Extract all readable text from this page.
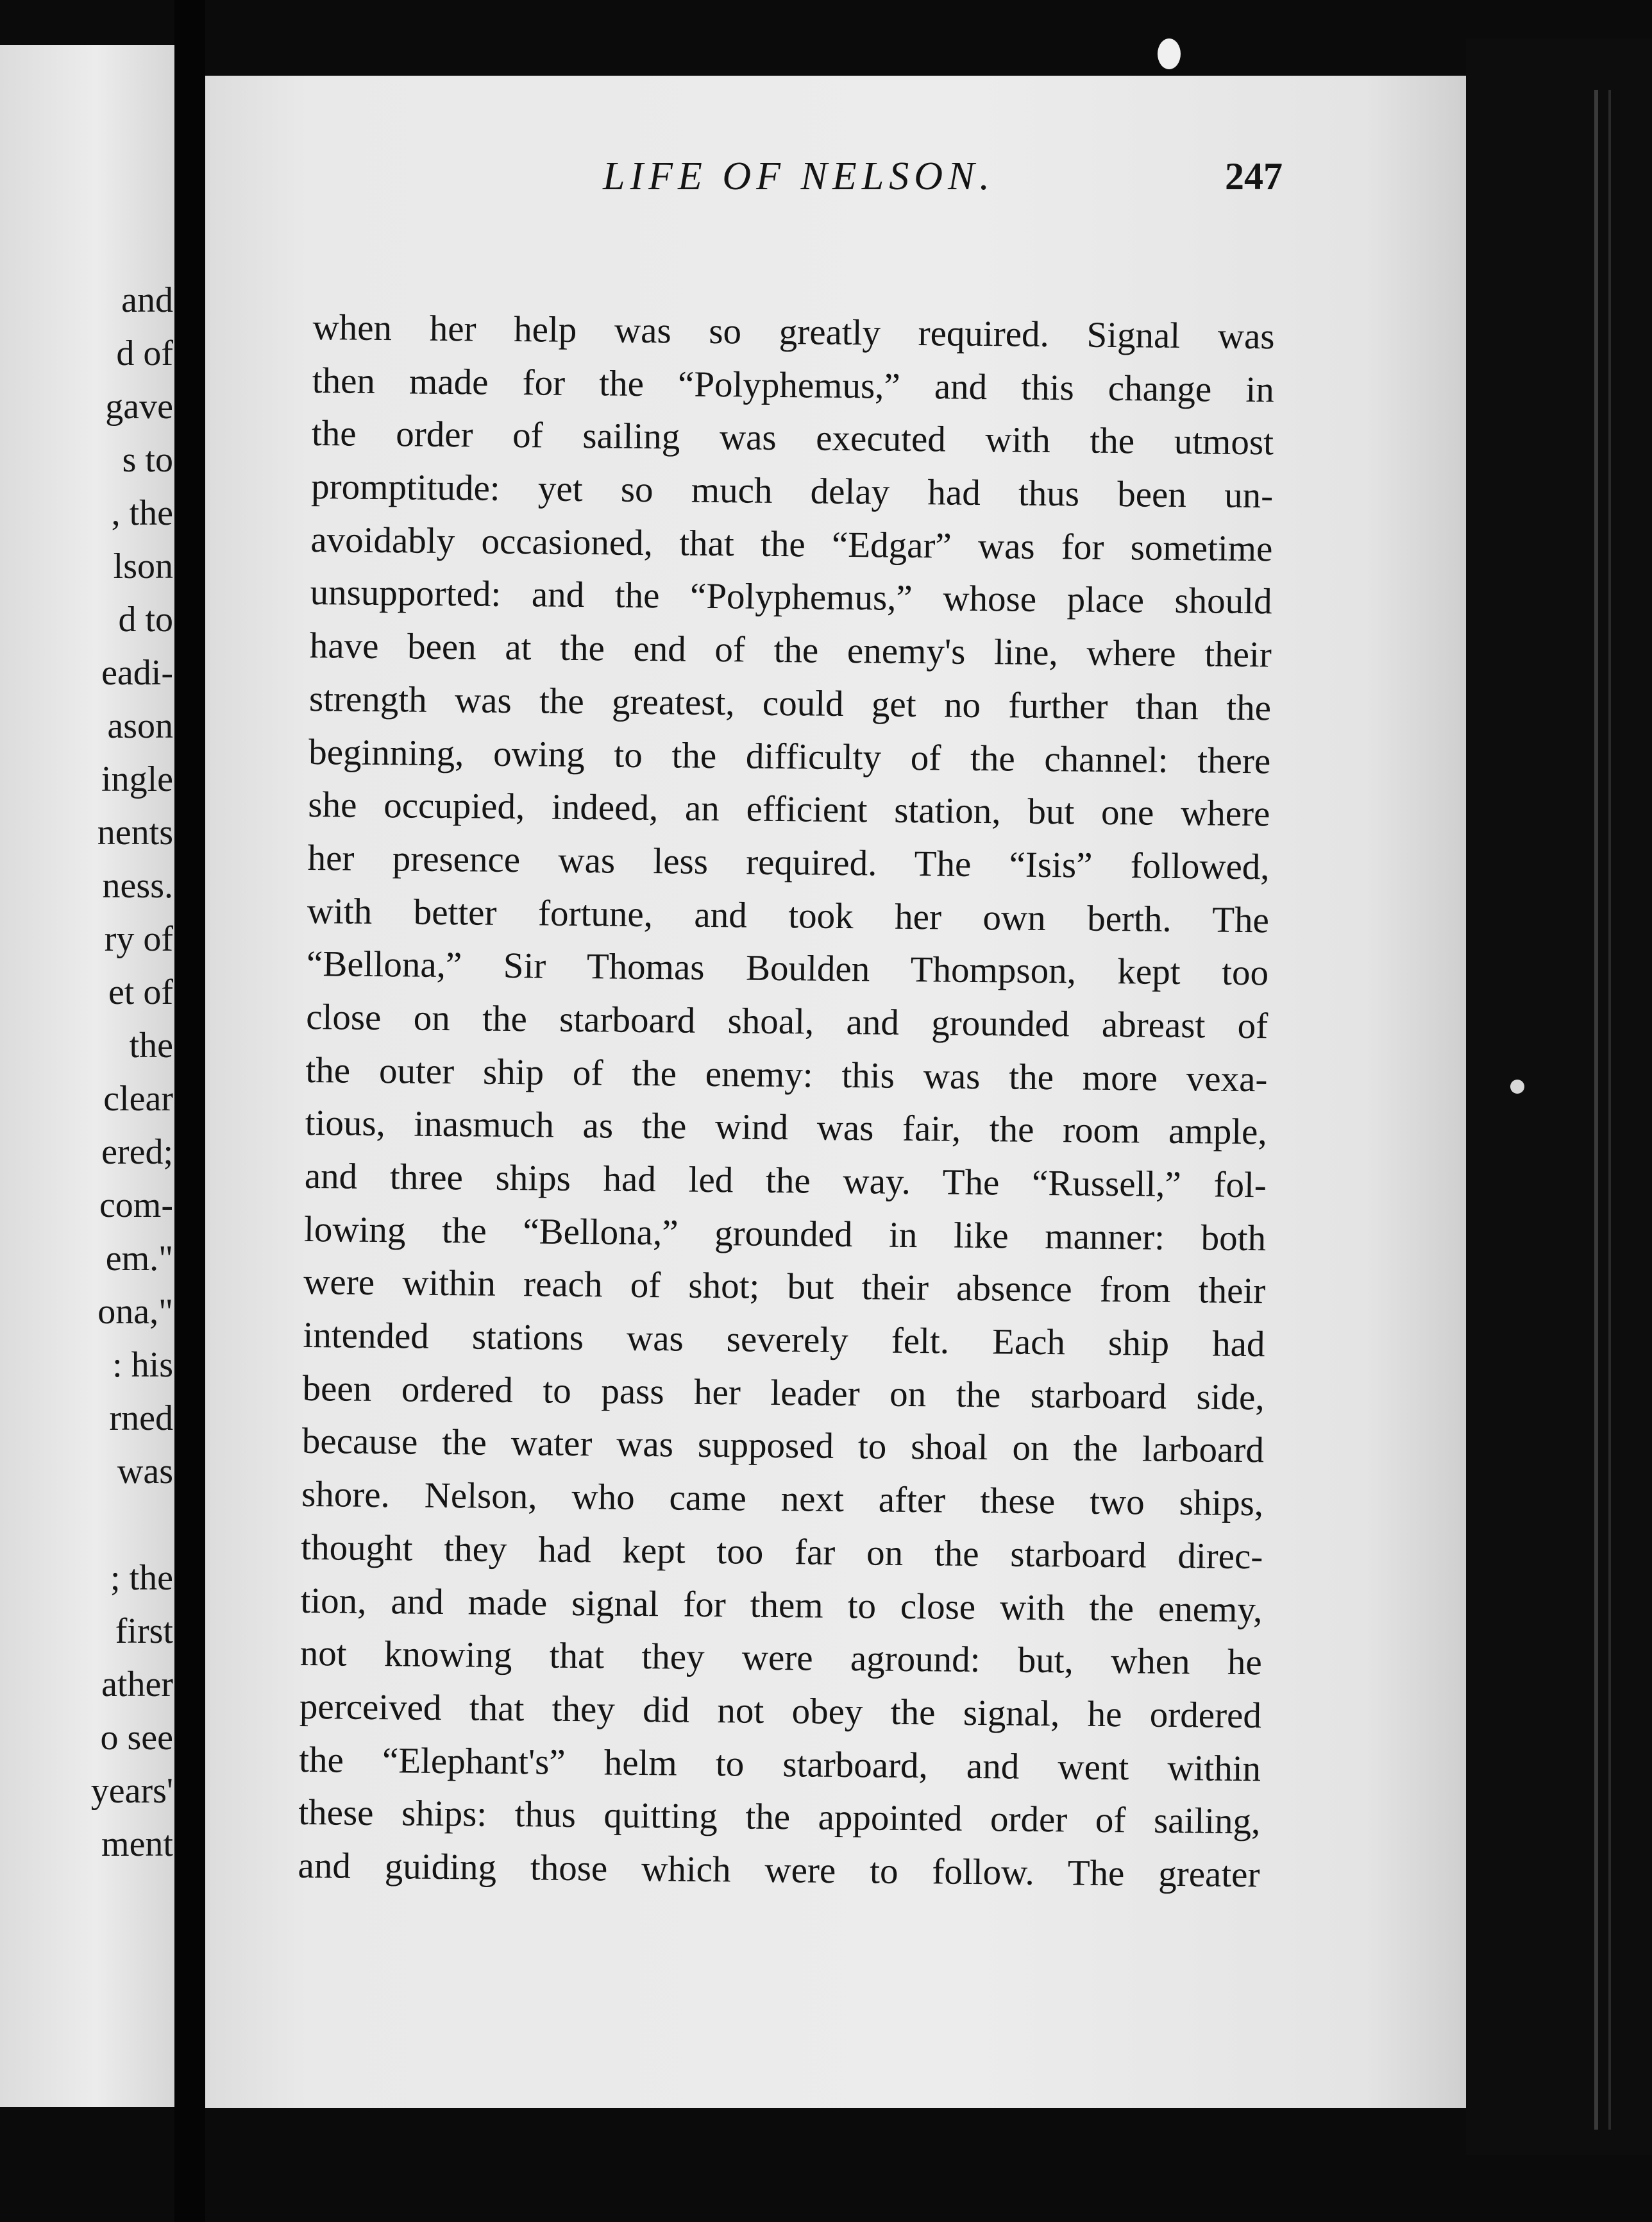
and
d of
gave
s to
, the
lson
d to
eadi-
ason
ingle
nents
ness.
ry of
et of
the
clear
ered;
com-
em."
ona,"
: his
rned
was
; the
first
ather
o see
years'
ment
LIFE OF NELSON.	247
when her help was so greatly required. Signal was
then made for the “Polyphemus,” and this change in
the order of sailing was executed with the utmost
promptitude: yet so much delay had thus been un-
avoidably occasioned, that the “Edgar” was for sometime
unsupported: and the “Polyphemus,” whose place should
have been at the end of the enemy's line, where their
strength was the greatest, could get no further than the
beginning, owing to the difficulty of the channel: there
she occupied, indeed, an efficient station, but one where
her presence was less required. The “Isis” followed,
with better fortune, and took her own berth. The
“Bellona,” Sir Thomas Boulden Thompson, kept too
close on the starboard shoal, and grounded abreast of
the outer ship of the enemy: this was the more vexa-
tious, inasmuch as the wind was fair, the room ample,
and three ships had led the way. The “Russell,” fol-
lowing the “Bellona,” grounded in like manner: both
were within reach of shot; but their absence from their
intended stations was severely felt. Each ship had
been ordered to pass her leader on the starboard side,
because the water was supposed to shoal on the larboard
shore. Nelson, who came next after these two ships,
thought they had kept too far on the starboard direc-
tion, and made signal for them to close with the enemy,
not knowing that they were aground: but, when he
perceived that they did not obey the signal, he ordered
the “Elephant's” helm to starboard, and went within
these ships: thus quitting the appointed order of sailing,
and guiding those which were to follow. The greater
